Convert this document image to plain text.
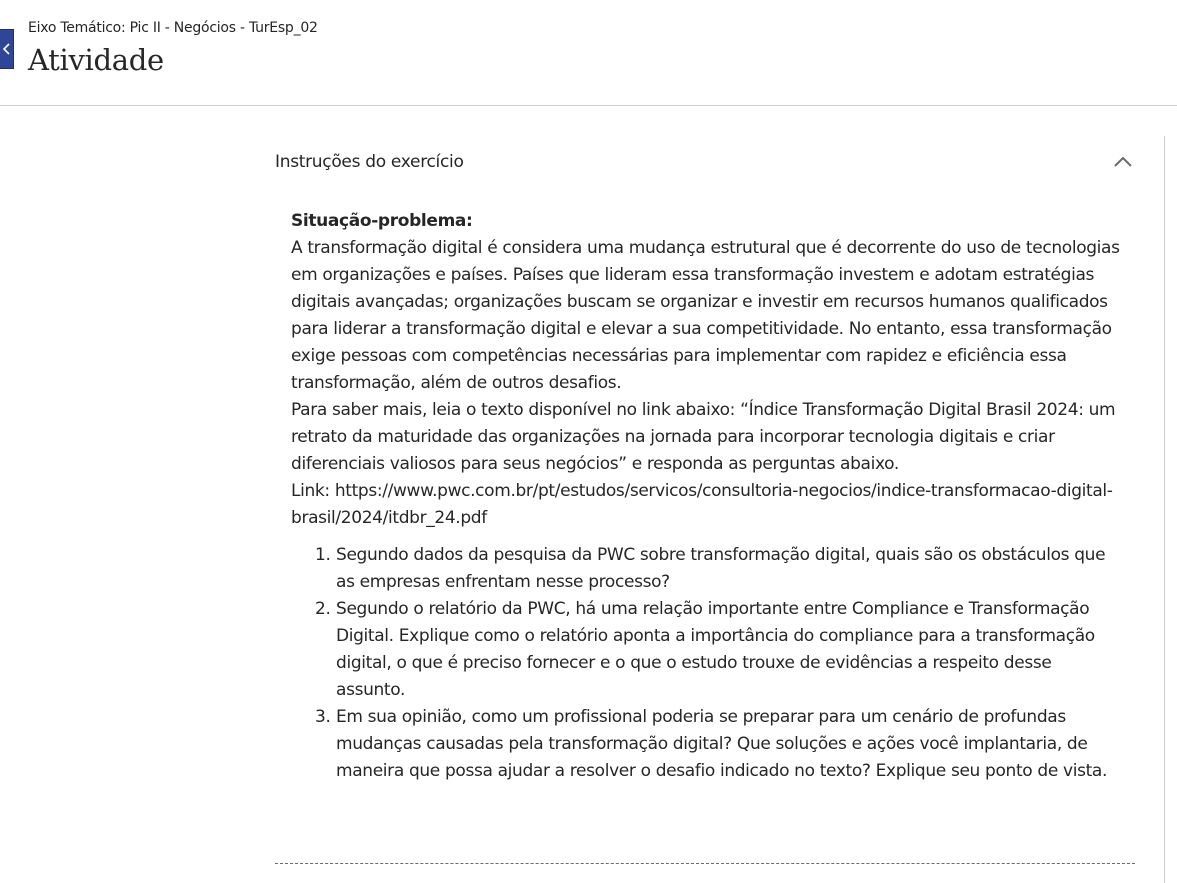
Eixo Temático: Pic II - Negócios - TurEsp_02
Atividade
Instruções do exercício

Situação-problema:

A transformação digital é considera uma mudança estrutural que é decorrente do uso de tecnologias em organizações e países. Países que lideram essa transformação investem e adotam estratégias digitais avançadas; organizações buscam se organizar e investir em recursos humanos qualificados para liderar a transformação digital e elevar a sua competitividade. No entanto, essa transformação exige pessoas com competências necessárias para implementar com rapidez e eficiência essa transformação, além de outros desafios.

Para saber mais, leia o texto disponível no link abaixo: “Índice Transformação Digital Brasil 2024: um retrato da maturidade das organizações na jornada para incorporar tecnologia digitais e criar diferenciais valiosos para seus negócios” e responda as perguntas abaixo.

Link: https://www.pwc.com.br/pt/estudos/servicos/consultoria-negocios/indice-transformacao-digital-brasil/2024/itdbr_24.pdf

1. Segundo dados da pesquisa da PWC sobre transformação digital, quais são os obstáculos que as empresas enfrentam nesse processo?
2. Segundo o relatório da PWC, há uma relação importante entre Compliance e Transformação Digital. Explique como o relatório aponta a importância do compliance para a transformação digital, o que é preciso fornecer e o que o estudo trouxe de evidências a respeito desse assunto.
3. Em sua opinião, como um profissional poderia se preparar para um cenário de profundas mudanças causadas pela transformação digital? Que soluções e ações você implantaria, de maneira que possa ajudar a resolver o desafio indicado no texto? Explique seu ponto de vista.
